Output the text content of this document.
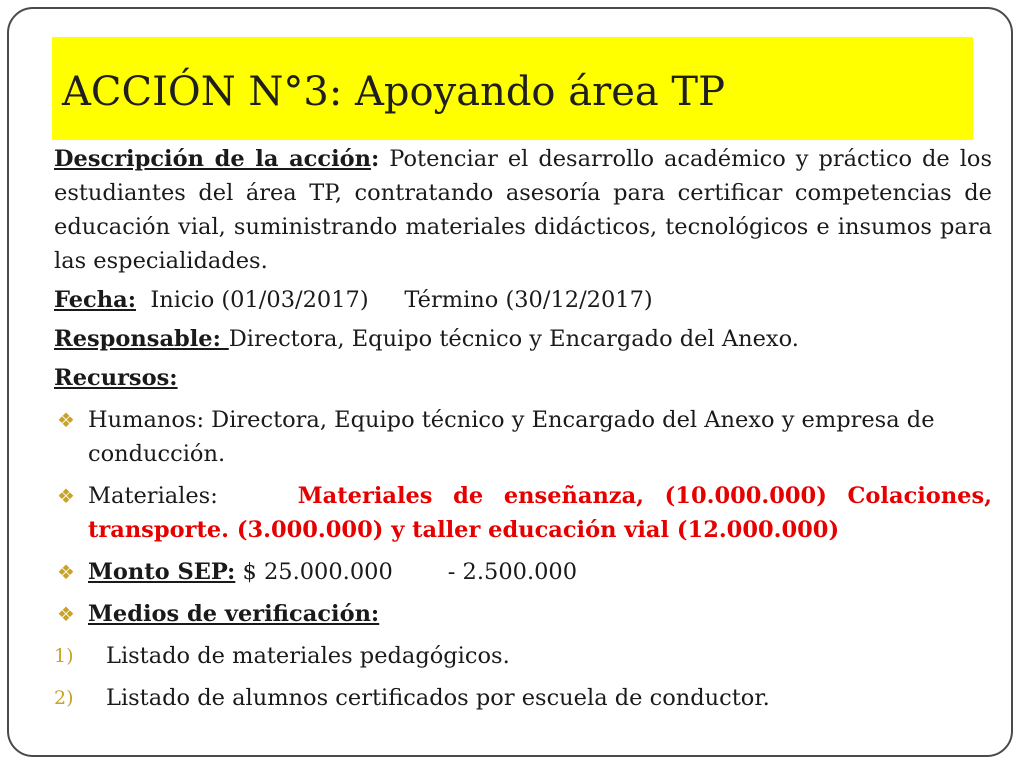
ACCIÓN N°3: Apoyando área TP

Descripción de la acción: Potenciar el desarrollo académico y práctico de los estudiantes del área TP, contratando asesoría para certificar competencias de educación vial, suministrando materiales didácticos, tecnológicos e insumos para las especialidades.

Fecha: Inicio (01/03/2017) Término (30/12/2017)

Responsable: Directora, Equipo técnico y Encargado del Anexo.

Recursos:

❖ Humanos: Directora, Equipo técnico y Encargado del Anexo y empresa de conducción.

❖ Materiales:	Materiales de enseñanza, (10.000.000) Colaciones, transporte. (3.000.000) y taller educación vial (12.000.000)

❖ Monto SEP: $ 25.000.000 - 2.500.000

❖ Medios de verificación:

1) Listado de materiales pedagógicos.

2) Listado de alumnos certificados por escuela de conductor.
